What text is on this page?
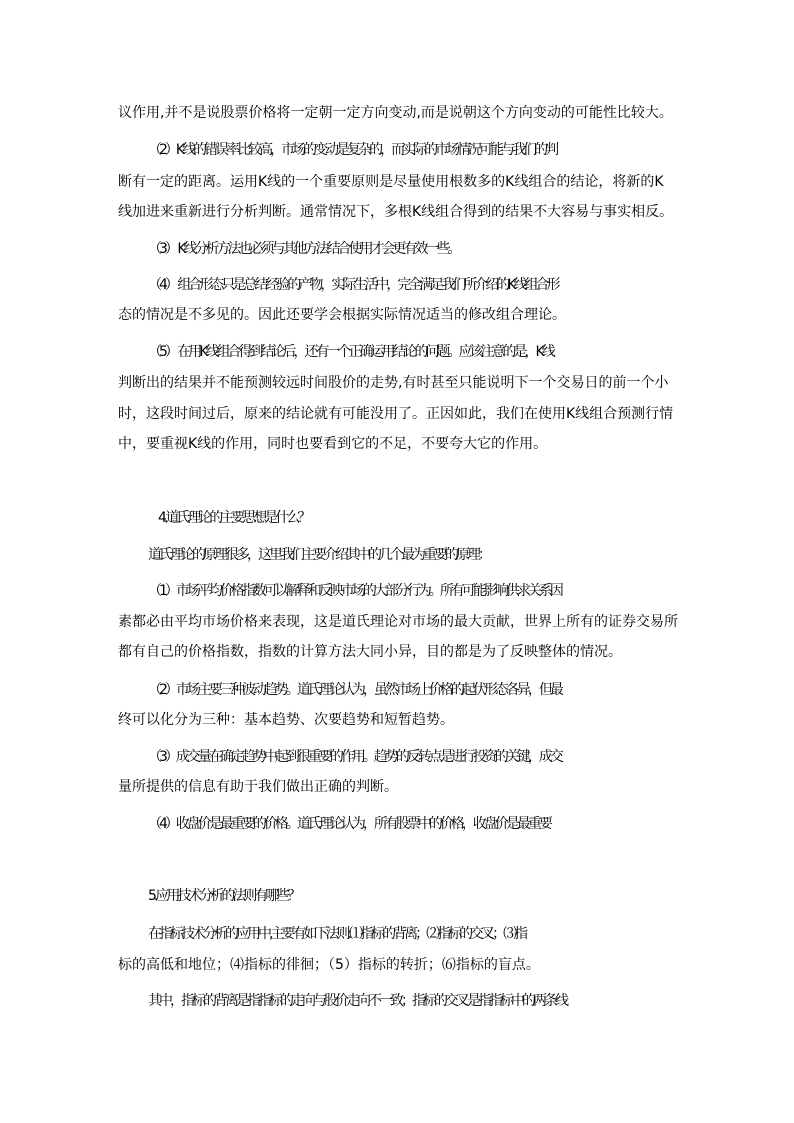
议作用,并不是说股票价格将一定朝一定方向变动,而是说朝这个方向变动的可能性比较大。
（2）K线的错误率比较高，市场的变动是复杂的，而实际的市场情况可能与我们的判
断有一定的距离。运用K线的一个重要原则是尽量使用根数多的K线组合的结论，将新的K
线加进来重新进行分析判断。通常情况下，多根K线组合得到的结果不大容易与事实相反。
（3） K线分析方法也必须与其他方法结合使用才会更有效一些。
（4） 组合形态只是总结经验的产物，实际生活中，完全满足我们所介绍的K线组合形
态的情况是不多见的。因此还要学会根据实际情况适当的修改组合理论。
（5） 在用K线组合得到结论后，还有一个正确运用结论的问题。应该注意的是，K线
判断出的结果并不能预测较远时间股价的走势,有时甚至只能说明下一个交易日的前一个小
时，这段时间过后，原来的结论就有可能没用了。正因如此，我们在使用K线组合预测行情
中，要重视K线的作用，同时也要看到它的不足，不要夸大它的作用。
4.道氏理论的主要思想是什么？
道氏理论的原理很多，这里我们主要介绍其中的几个最为重要的原理：
（1）市场平均价格指数可以解释和反映市场的大部分行为。所有可能影响供求关系因
素都必由平均市场价格来表现，这是道氏理论对市场的最大贡献，世界上所有的证券交易所
都有自己的价格指数，指数的计算方法大同小异，目的都是为了反映整体的情况。
（2）市场主要三种波动趋势。道氏理论认为，虽然市场上价格的起伏形态各异，但最
终可以化分为三种：基本趋势、次要趋势和短暂趋势。
（3）成交量在确定趋势中起到很重要的作用。趋势的反转点是进行投资的关键，成交
量所提供的信息有助于我们做出正确的判断。
（4）收盘价是最重要的价格。道氏理论认为，所有股票中的价格，收盘价是最重要
5.应用技术分析的法则有哪些？
在指标技术分析的应用中,主要有如下法则:⑴指标的背离；⑵指标的交叉；⑶指
标的高低和地位；⑷指标的徘徊；（5）指标的转折；⑹指标的盲点。
其中，指标的背离是指指标的走向与股价走向不一致；指标的交叉是指指标中的两条线
